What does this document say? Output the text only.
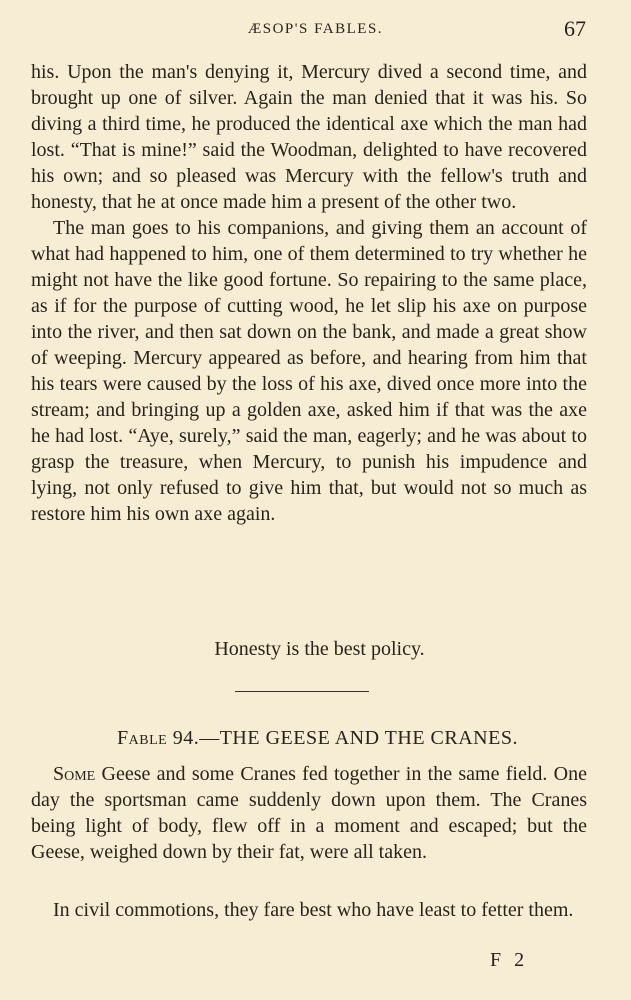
ÆSOP'S FABLES.	67

his. Upon the man's denying it, Mercury dived a second time, and brought up one of silver. Again the man denied that it was his. So diving a third time, he produced the identical axe which the man had lost. “That is mine!” said the Woodman, delighted to have recovered his own; and so pleased was Mercury with the fellow's truth and honesty, that he at once made him a present of the other two.

The man goes to his companions, and giving them an account of what had happened to him, one of them determined to try whether he might not have the like good fortune. So repairing to the same place, as if for the purpose of cutting wood, he let slip his axe on purpose into the river, and then sat down on the bank, and made a great show of weeping. Mercury appeared as before, and hearing from him that his tears were caused by the loss of his axe, dived once more into the stream; and bringing up a golden axe, asked him if that was the axe he had lost. “Aye, surely,” said the man, eagerly; and he was about to grasp the treasure, when Mercury, to punish his impudence and lying, not only refused to give him that, but would not so much as restore him his own axe again.

Honesty is the best policy.
Fable 94.—THE GEESE AND THE CRANES.

Some Geese and some Cranes fed together in the same field. One day the sportsman came suddenly down upon them. The Cranes being light of body, flew off in a moment and escaped; but the Geese, weighed down by their fat, were all taken.

In civil commotions, they fare best who have least to fetter them.

F 2
